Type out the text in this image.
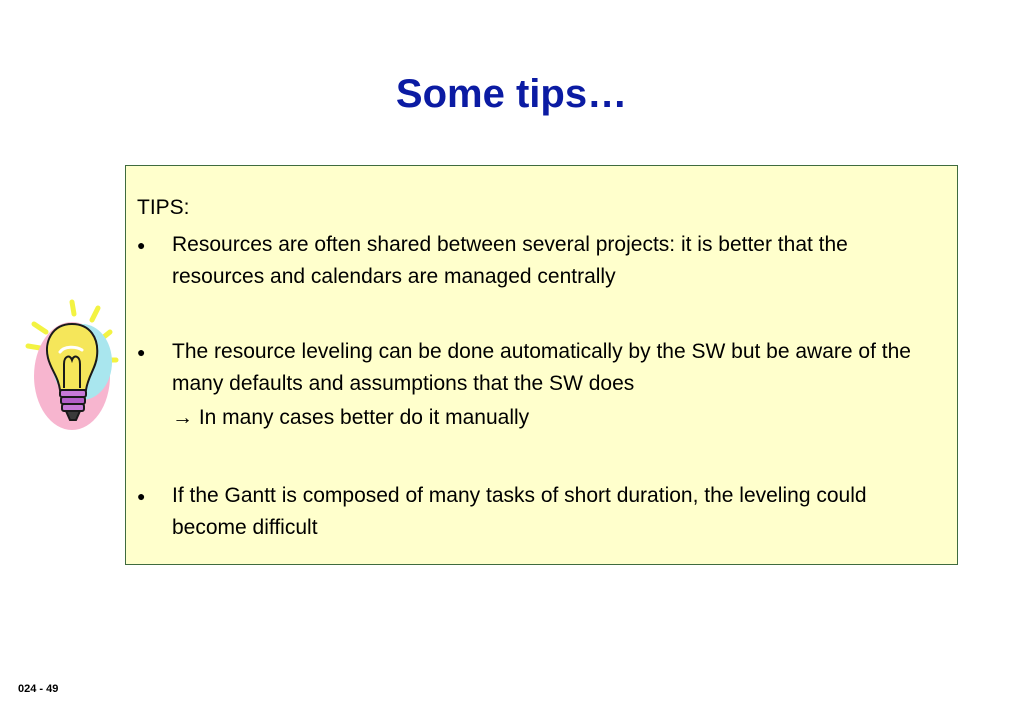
Some tips…
TIPS:
● Resources are often shared between several projects: it is better that the resources and calendars are managed centrally
● The resource leveling can be done automatically by the SW but be aware of the many defaults and assumptions that the SW does
→ In many cases better do it manually
● If the Gantt is composed of many tasks of short duration, the leveling could become difficult
024 - 49
